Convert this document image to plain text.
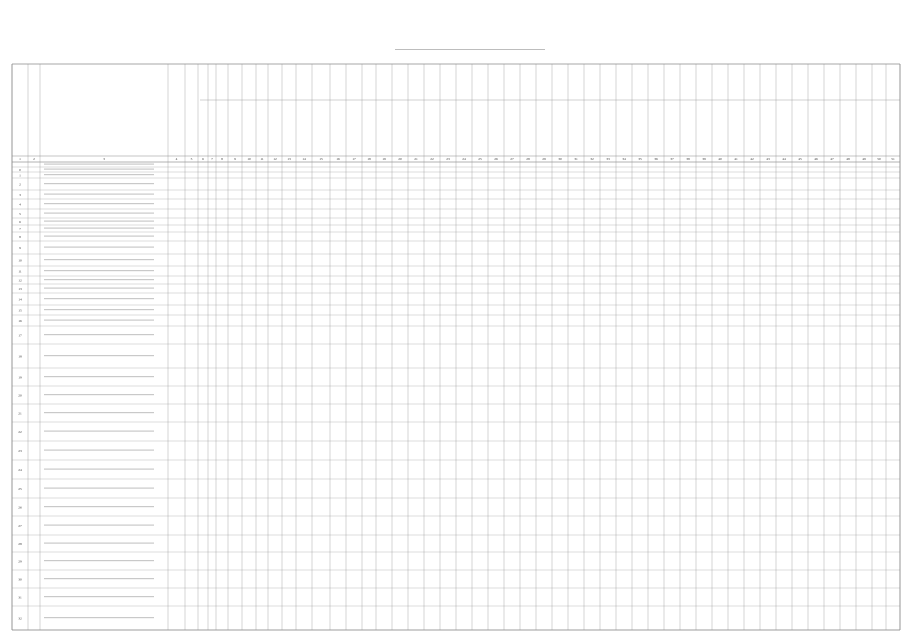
1	2	3	4	5	6 7 8	9	10	11	12	13	14	15	16	17	18	19	20	21	22	23	24	25	26	27	28	29	30	31	32	33	34	35	36	37	38	39	40	41	42	43	44	45	46	47	48	49	50	51
0
1
2
3
4
5
6
7
8
9
10
11
12
13
14
15
16
17
18
19
20
21
22
23
24
25
26
27
28
29
30
31
32
